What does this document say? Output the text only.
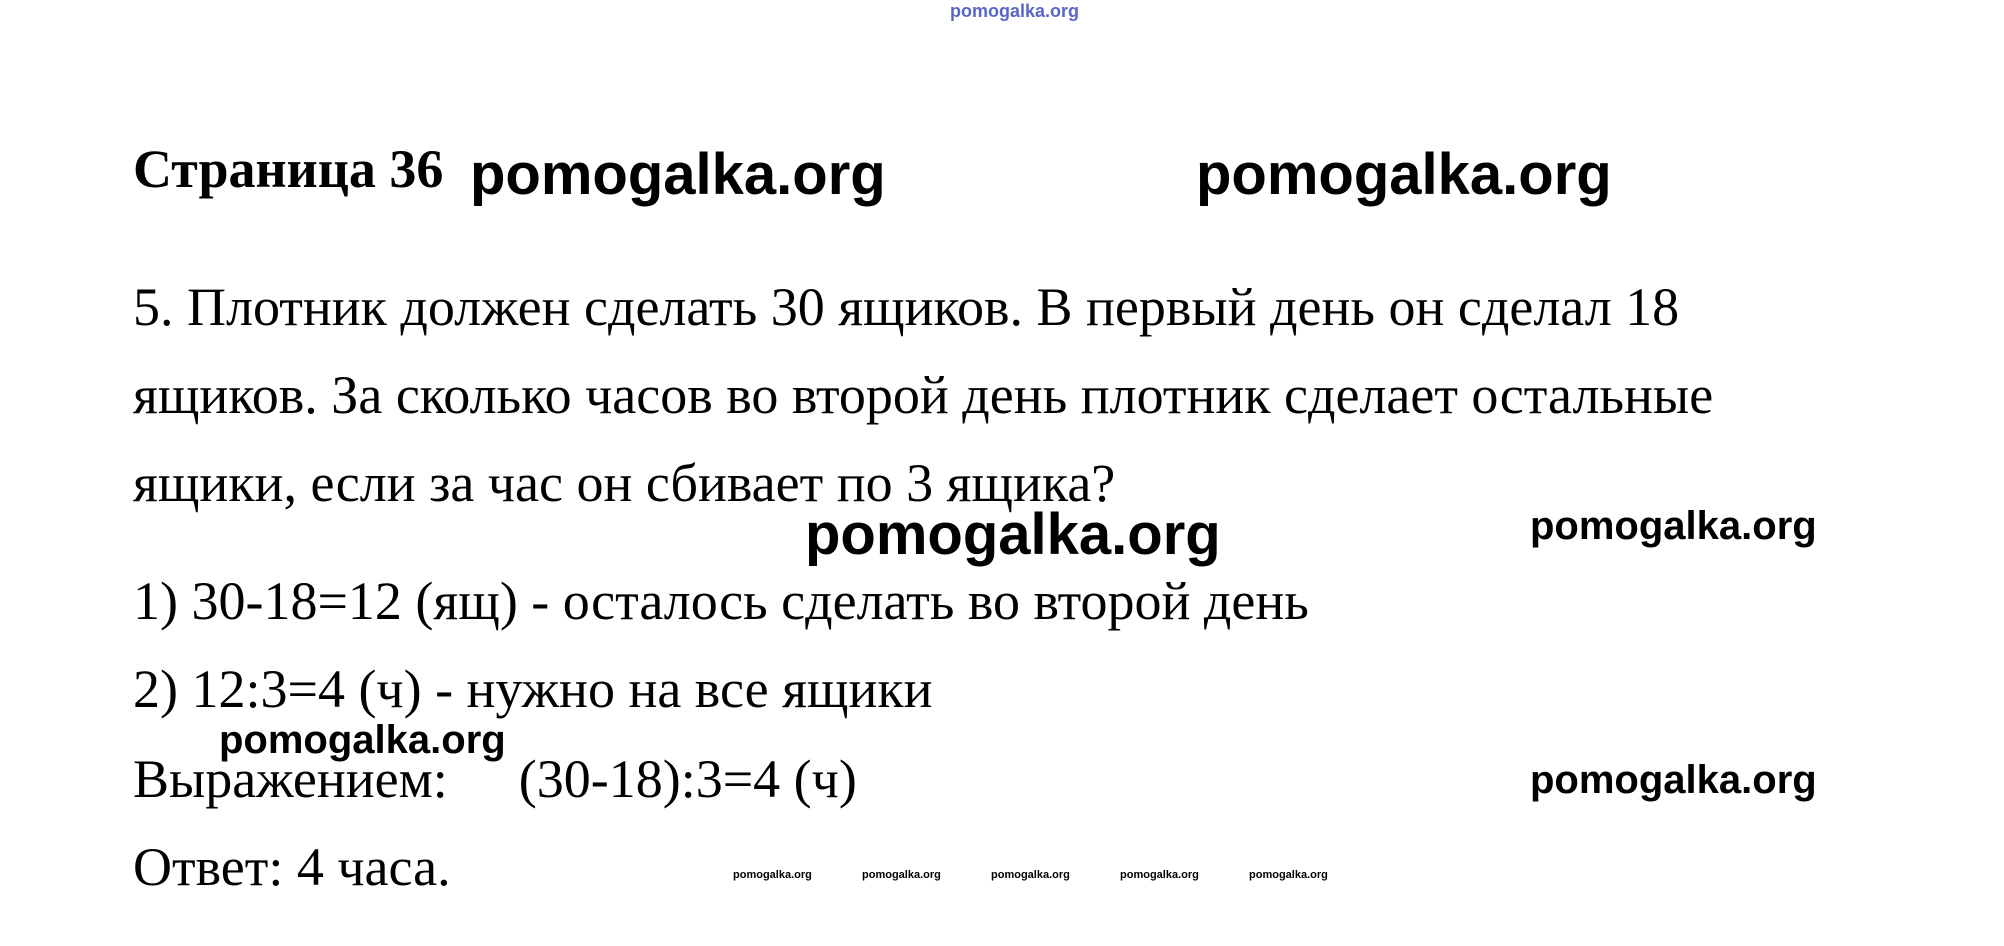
pomogalka.org
Страница 36 pomogalka.org	pomogalka.org
5. Плотник должен сделать 30 ящиков. В первый день он сделал 18
ящиков. За сколько часов во второй день плотник сделает остальные
ящики, если за час он сбивает по 3 ящика?
pomogalka.org	pomogalka.org
1) 30-18=12 (ящ) - осталось сделать во второй день
2) 12:3=4 (ч) - нужно на все ящики
pomogalka.org
Выражением: (30-18):3=4 (ч)	pomogalka.org
Ответ: 4 часа.	pomogalka.org	pomogalka.org	pomogalka.org	pomogalka.org	pomogalka.org
